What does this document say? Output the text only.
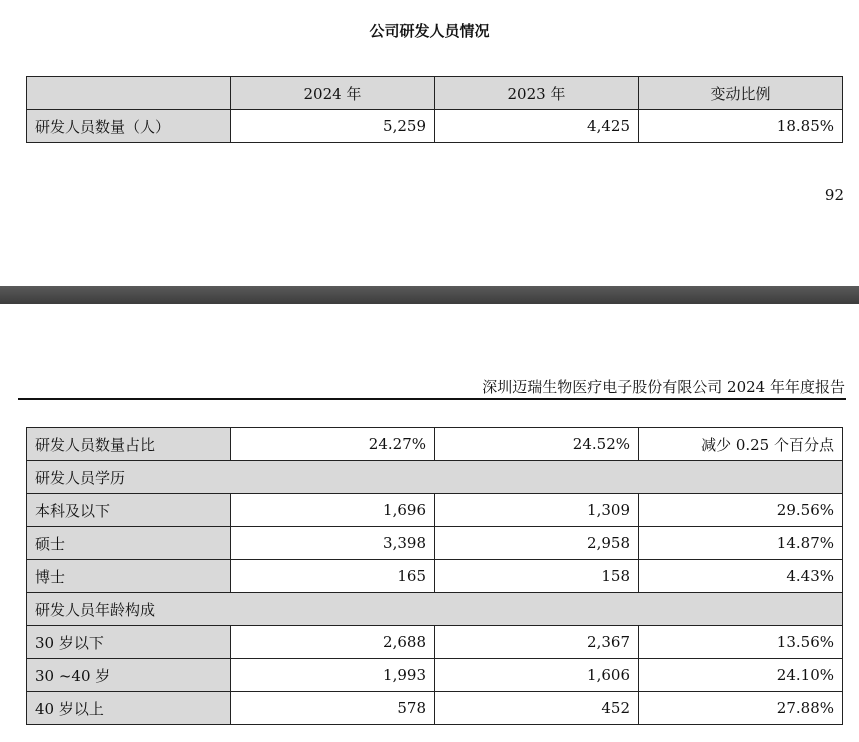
公司研发人员情况
	2024 年	2023 年	变动比例
研发人员数量（人）	5,259	4,425	18.85%
92
深圳迈瑞生物医疗电子股份有限公司 2024 年年度报告
研发人员数量占比	24.27%	24.52%	减少 0.25 个百分点
研发人员学历			
本科及以下	1,696	1,309	29.56%
硕士	3,398	2,958	14.87%
博士	165	158	4.43%
研发人员年龄构成			
30 岁以下	2,688	2,367	13.56%
30 ~40 岁	1,993	1,606	24.10%
40 岁以上	578	452	27.88%
